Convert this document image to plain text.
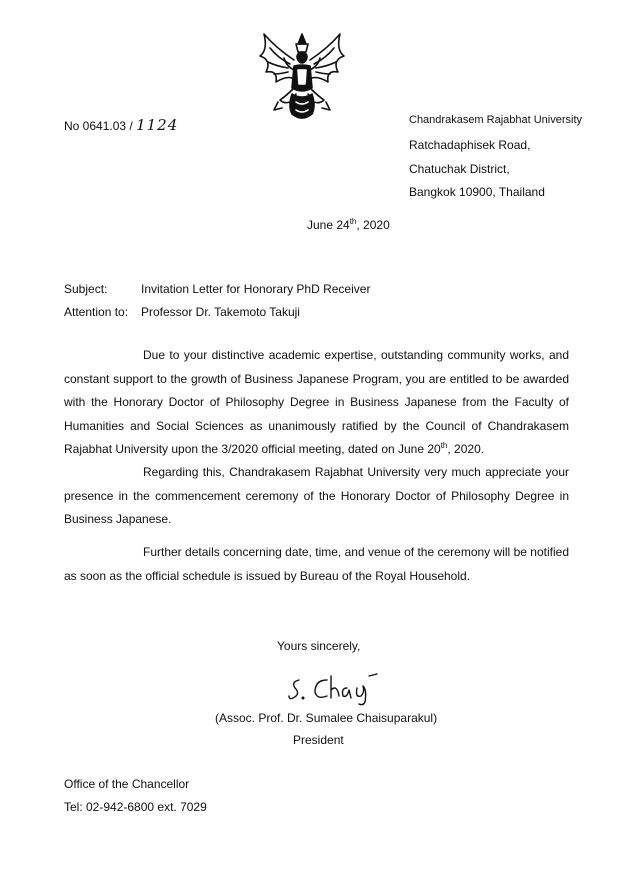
No 0641.03 / 1124	Chandrakasem Rajabhat University
Ratchadaphisek Road,
Chatuchak District,
Bangkok 10900, Thailand
June 24th, 2020
Subject:	Invitation Letter for Honorary PhD Receiver
Attention to: Professor Dr. Takemoto Takuji

Due to your distinctive academic expertise, outstanding community works, and constant support to the growth of Business Japanese Program, you are entitled to be awarded with the Honorary Doctor of Philosophy Degree in Business Japanese from the Faculty of Humanities and Social Sciences as unanimously ratified by the Council of Chandrakasem Rajabhat University upon the 3/2020 official meeting, dated on June 20th, 2020.

Regarding this, Chandrakasem Rajabhat University very much appreciate your presence in the commencement ceremony of the Honorary Doctor of Philosophy Degree in Business Japanese.

Further details concerning date, time, and venue of the ceremony will be notified as soon as the official schedule is issued by Bureau of the Royal Household.

Yours sincerely,
(Assoc. Prof. Dr. Sumalee Chaisuparakul)
President
Office of the Chancellor
Tel: 02-942-6800 ext. 7029
